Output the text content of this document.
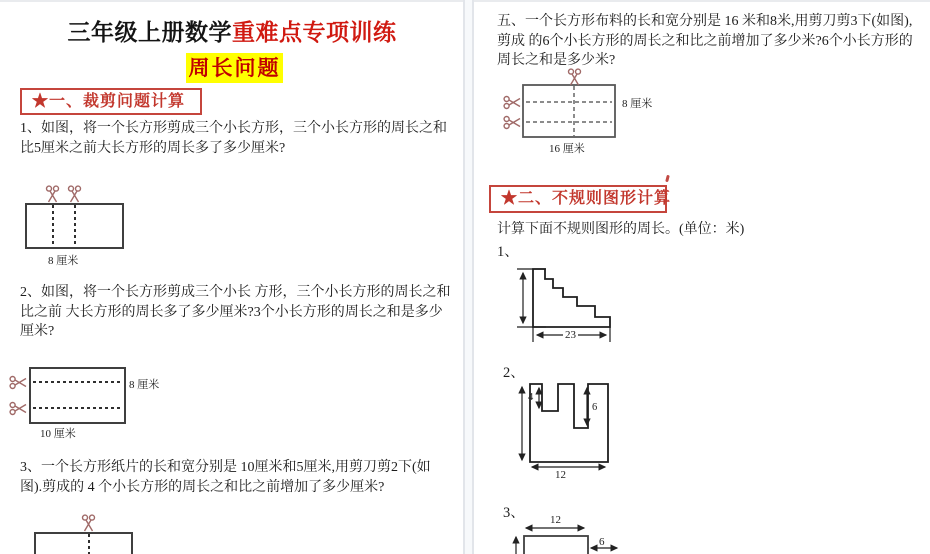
三年级上册数学重难点专项训练
周长问题
★一、裁剪问题计算
1、如图，将一个长方形剪成三个小长方形，三个小长方形的周长之和
比5厘米之前大长方形的周长多了多少厘米?
8 厘米
2、如图，将一个长方形剪成三个小长 方形，三个小长方形的周长之和
比之前 大长方形的周长多了多少厘米?3个小长方形的周长之和是多少
厘米?
8 厘米
10 厘米
3、一个长方形纸片的长和宽分别是 10厘米和5厘米,用剪刀剪2下(如
图).剪成的 4 个小长方形的周长之和比之前增加了多少厘米?
五、一个长方形布料的长和宽分别是 16 米和8米,用剪刀剪3下(如图),
剪成 的6个小长方形的周长之和比之前增加了多少米?6个小长方形的
周长之和是多少米?
8 厘米
16 厘米
★二、不规则图形计算
计算下面不规则图形的周长。(单位：米)
1、
23
2、
4
6
12
3、 12
6
